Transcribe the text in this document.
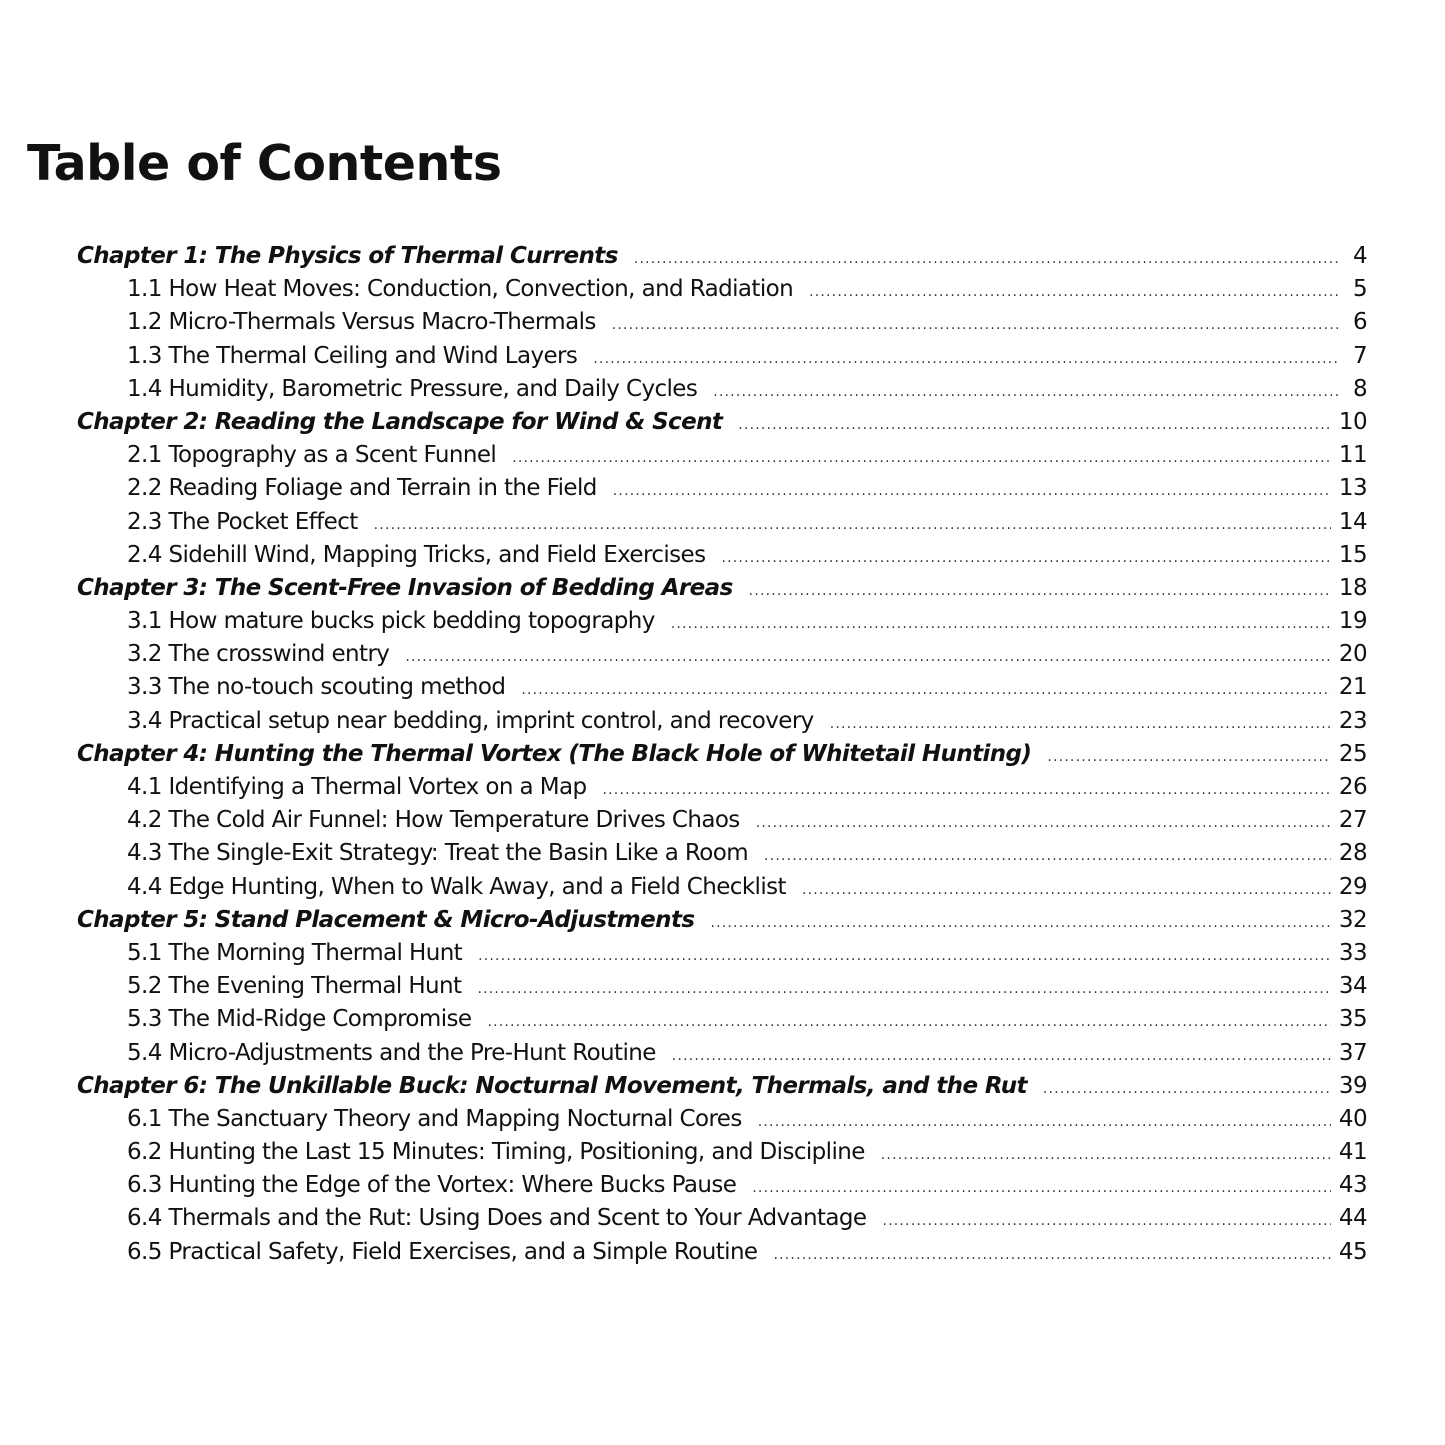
Table of Contents
Chapter 1: The Physics of Thermal Currents .....	4
1.1 How Heat Moves: Conduction, Convection, and Radiation .....	5
1.2 Micro-Thermals Versus Macro-Thermals .....	6
1.3 The Thermal Ceiling and Wind Layers .....	7
1.4 Humidity, Barometric Pressure, and Daily Cycles .....	8
Chapter 2: Reading the Landscape for Wind & Scent .....	10
2.1 Topography as a Scent Funnel .....	11
2.2 Reading Foliage and Terrain in the Field .....	13
2.3 The Pocket Effect .....	14
2.4 Sidehill Wind, Mapping Tricks, and Field Exercises .....	15
Chapter 3: The Scent-Free Invasion of Bedding Areas .....	18
3.1 How mature bucks pick bedding topography .....	19
3.2 The crosswind entry .....	20
3.3 The no-touch scouting method .....	21
3.4 Practical setup near bedding, imprint control, and recovery .....	23
Chapter 4: Hunting the Thermal Vortex (The Black Hole of Whitetail Hunting) .....	25
4.1 Identifying a Thermal Vortex on a Map .....	26
4.2 The Cold Air Funnel: How Temperature Drives Chaos .....	27
4.3 The Single-Exit Strategy: Treat the Basin Like a Room .....	28
4.4 Edge Hunting, When to Walk Away, and a Field Checklist .....	29
Chapter 5: Stand Placement & Micro-Adjustments .....	32
5.1 The Morning Thermal Hunt .....	33
5.2 The Evening Thermal Hunt .....	34
5.3 The Mid-Ridge Compromise .....	35
5.4 Micro-Adjustments and the Pre-Hunt Routine .....	37
Chapter 6: The Unkillable Buck: Nocturnal Movement, Thermals, and the Rut .....	39
6.1 The Sanctuary Theory and Mapping Nocturnal Cores .....	40
6.2 Hunting the Last 15 Minutes: Timing, Positioning, and Discipline .....	41
6.3 Hunting the Edge of the Vortex: Where Bucks Pause .....	43
6.4 Thermals and the Rut: Using Does and Scent to Your Advantage .....	44
6.5 Practical Safety, Field Exercises, and a Simple Routine .....	45
